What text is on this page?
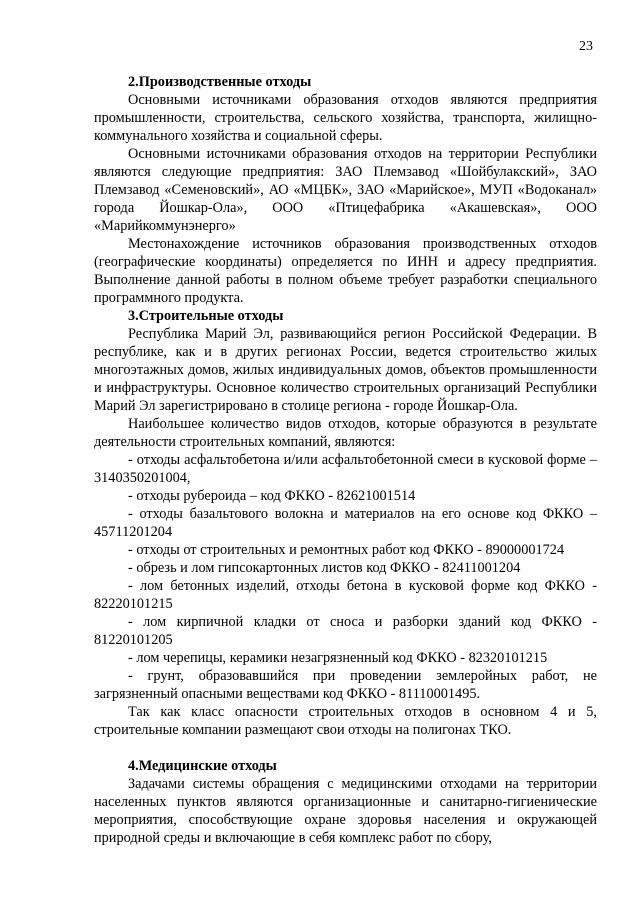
23
2.Производственные отходы

Основными источниками образования отходов являются предприятия промышленности, строительства, сельского хозяйства, транспорта, жилищно-коммунального хозяйства и социальной сферы.

Основными источниками образования отходов на территории Республики являются следующие предприятия: ЗАО Племзавод «Шойбулакский», ЗАО Племзавод «Семеновский», АО «МЦБК», ЗАО «Марийское», МУП «Водоканал» города Йошкар-Ола», ООО «Птицефабрика «Акашевская», ООО «Марийкоммунэнерго»

Местонахождение источников образования производственных отходов (географические координаты) определяется по ИНН и адресу предприятия. Выполнение данной работы в полном объеме требует разработки специального программного продукта.

3.Строительные отходы

Республика Марий Эл, развивающийся регион Российской Федерации. В республике, как и в других регионах России, ведется строительство жилых многоэтажных домов, жилых индивидуальных домов, объектов промышленности и инфраструктуры. Основное количество строительных организаций Республики Марий Эл зарегистрировано в столице региона - городе Йошкар-Ола.

Наибольшее количество видов отходов, которые образуются в результате деятельности строительных компаний, являются:

- отходы асфальтобетона и/или асфальтобетонной смеси в кусковой форме – 3140350201004,

- отходы рубероида – код ФККО - 82621001514

- отходы базальтового волокна и материалов на его основе код ФККО – 45711201204

- отходы от строительных и ремонтных работ код ФККО - 89000001724

- обрезь и лом гипсокартонных листов код ФККО - 82411001204

- лом бетонных изделий, отходы бетона в кусковой форме код ФККО - 82220101215

- лом кирпичной кладки от сноса и разборки зданий код ФККО - 81220101205

- лом черепицы, керамики незагрязненный код ФККО - 82320101215

- грунт, образовавшийся при проведении землеройных работ, не загрязненный опасными веществами код ФККО - 81110001495.

Так как класс опасности строительных отходов в основном 4 и 5, строительные компании размещают свои отходы на полигонах ТКО.

4.Медицинские отходы

Задачами системы обращения с медицинскими отходами на территории населенных пунктов являются организационные и санитарно-гигиенические мероприятия, способствующие охране здоровья населения и окружающей природной среды и включающие в себя комплекс работ по сбору,
